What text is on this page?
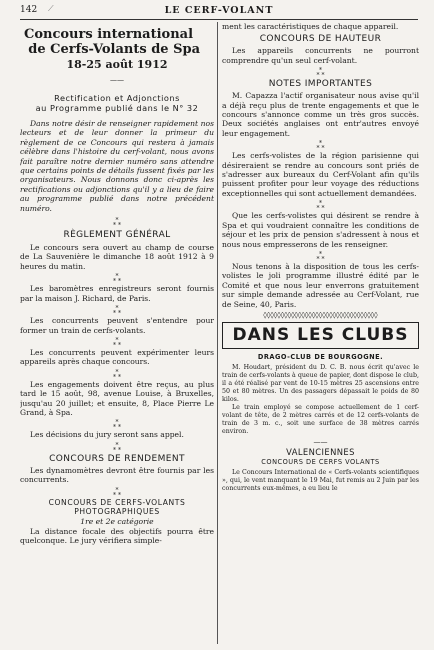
142 ⟋	LE CERF-VOLANT

Concours international

de Cerfs-Volants de Spa

18-25 août 1912

——

Rectification et Adjonctions

au Programme publié dans le N° 32

Dans notre désir de renseigner rapidement nos lecteurs et de leur donner la primeur du règlement de ce Concours qui restera à jamais célèbre dans l'histoire du cerf-volant, nous avons fait paraître notre dernier numéro sans attendre que certains points de détails fussent fixés par les organisateurs. Nous donnons donc ci-après les rectifications ou adjonctions qu'il y a lieu de faire au programme publié dans notre précédent numéro.

*
* *

RÈGLEMENT GÉNÉRAL

Le concours sera ouvert au champ de course de La Sauvenière le dimanche 18 août 1912 à 9 heures du matin.

*
* *

Les baromètres enregistreurs seront fournis par la maison J. Richard, de Paris.

*
* *

Les concurrents peuvent s'entendre pour former un train de cerfs-volants.

*
* *

Les concurrents peuvent expérimenter leurs appareils après chaque concours.

*
* *

Les engagements doivent être reçus, au plus tard le 15 août, 98, avenue Louise, à Bruxelles, jusqu'au 20 juillet; et ensuite, 8, Place Pierre Le Grand, à Spa.

*
* *

Les décisions du jury seront sans appel.

*
* *

CONCOURS DE RENDEMENT

Les dynamomètres devront être fournis par les concurrents.

*
* *

CONCOURS DE CERFS-VOLANTS

PHOTOGRAPHIQUES

1re et 2e catégorie

La distance focale des objectifs pourra être quelconque. Le jury vérifiera simple-

ment les caractéristiques de chaque appareil.

CONCOURS DE HAUTEUR

Les appareils concurrents ne pourront comprendre qu'un seul cerf-volant.

*
* *

NOTES IMPORTANTES

M. Capazza l'actif organisateur nous avise qu'il a déjà reçu plus de trente engagements et que le concours s'annonce comme un très gros succès. Deux sociétés anglaises ont entr'autres envoyé leur engagement.

*
* *

Les cerfs-volistes de la région parisienne qui désireraient se rendre au concours sont priés de s'adresser aux bureaux du Cerf-Volant afin qu'ils puissent profiter pour leur voyage des réductions exceptionnelles qui sont actuellement demandées.

*
* *

Que les cerfs-volistes qui désirent se rendre à Spa et qui voudraient connaître les conditions de séjour et les prix de pension s'adressent à nous et nous nous empresserons de les renseigner.

*
* *

Nous tenons à la disposition de tous les cerfs-volistes le joli programme illustré édité par le Comité et que nous leur enverrons gratuitement sur simple demande adressée au Cerf-Volant, rue de Seine, 40, Paris.

◊◊◊◊◊◊◊◊◊◊◊◊◊◊◊◊◊◊◊◊◊◊◊◊◊◊◊◊◊◊◊◊◊

DANS LES CLUBS

DRAGO-CLUB DE BOURGOGNE.

M. Houdart, président du D. C. B. nous écrit qu'avec le train de cerfs-volants à queue de papier, dont dispose le club, il a été réalisé par vent de 10-15 mètres 25 ascensions entre 50 et 80 mètres. Un des passagers dépassait le poids de 80 kilos.

Le train employé se compose actuellement de 1 cerf-volant de tête, de 2 mètres carrés et de 12 cerfs-volants de train de 3 m. c., soit une surface de 38 mètres carrés environ.

——

VALENCIENNES

CONCOURS DE CERFS VOLANTS

Le Concours International de « Cerfs-volants scientifiques », qui, le vent manquant le 19 Mai, fut remis au 2 Juin par les concurrents eux-mêmes, a eu lieu le
